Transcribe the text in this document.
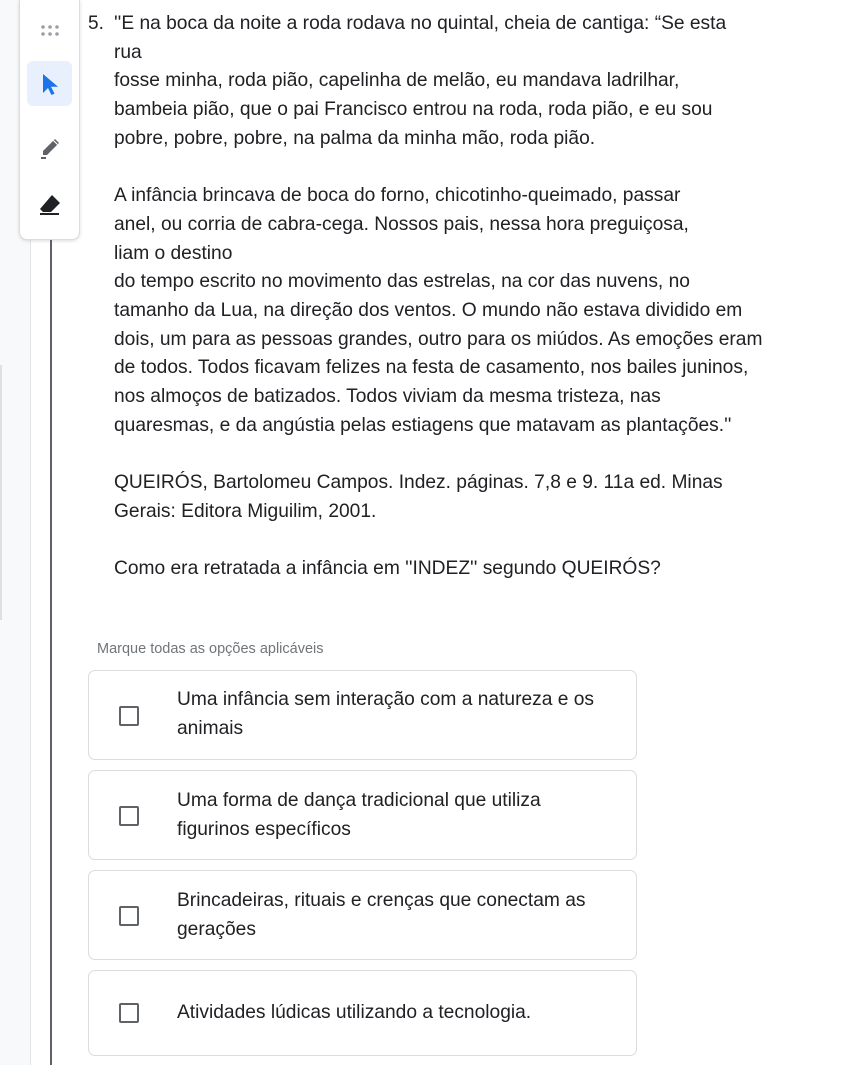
5. ''E na boca da noite a roda rodava no quintal, cheia de cantiga: “Se esta rua

fosse minha, roda pião, capelinha de melão, eu mandava ladrilhar, bambeia pião, que o pai Francisco entrou na roda, roda pião, e eu sou pobre, pobre, pobre, na palma da minha mão, roda pião.

A infância brincava de boca do forno, chicotinho-queimado, passar anel, ou corria de cabra-cega. Nossos pais, nessa hora preguiçosa, liam o destino

do tempo escrito no movimento das estrelas, na cor das nuvens, no tamanho da Lua, na direção dos ventos. O mundo não estava dividido em dois, um para as pessoas grandes, outro para os miúdos. As emoções eram de todos. Todos ficavam felizes na festa de casamento, nos bailes juninos, nos almoços de batizados. Todos viviam da mesma tristeza, nas quaresmas, e da angústia pelas estiagens que matavam as plantações.''

QUEIRÓS, Bartolomeu Campos. Indez. páginas. 7,8 e 9. 11a ed. Minas Gerais: Editora Miguilim, 2001.

Como era retratada a infância em ''INDEZ'' segundo QUEIRÓS?

Marque todas as opções aplicáveis
Uma infância sem interação com a natureza e os animais
Uma forma de dança tradicional que utiliza figurinos específicos
Brincadeiras, rituais e crenças que conectam as gerações
Atividades lúdicas utilizando a tecnologia.
